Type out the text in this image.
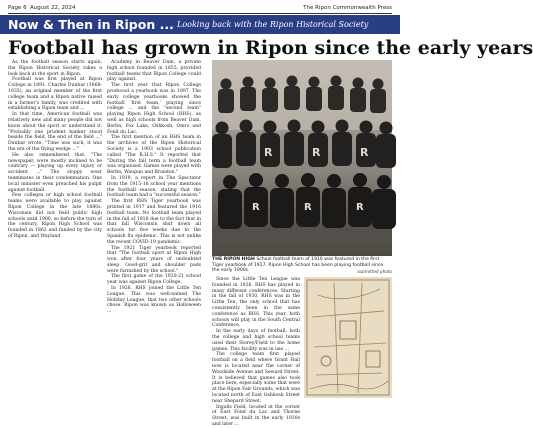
Page 6 August 22, 2024	The Ripon Commonwealth Press
Now & Then in Ripon ... Looking back with the Ripon Historical Society
Football has grown in Ripon since the early years

As the football season starts again, the Ripon Historical Society takes a look back at the sport in Ripon.

Football was first played at Ripon College in 1891. Charles Dunbar (1868-1935), an original member of the first college team and a Ripon native raised in a farmer's family, was credited with establishing a Ripon team and ...

In that time, American football was relatively new and many people did not know about the sport or understand it. "Probably one prudent banker stood beside the field, the end of the field ..." Dunbar wrote. "Time was such, it was the era of the flying wedge ..."

He also remembered that, "The newspaper, were mostly inclined to be contrary — playing up every injury or accident ..." The sloppy wear teammates in their condemnation. One local minister even preached his pulpit against football.

Few colleges or high school football teams were available to play against Ripon College in the late 1880s. Wisconsin did not field public high schools until 1900, so before the turn of the century, Ripon High School was founded in 1862 and funded by the city of Ripon, and Wayland

Academy in Beaver Dam, a private high school founded in 1855, provided football teams that Ripon College could play against.

The first year that Ripon College produced a yearbook was in 1897. The early college yearbooks showed the football 'first team,' playing since college ... and the "second team" playing Ripon High School (RHS), as well as high schools from Beaver Dam, Berlin, Fox Lake, Oshkosh, Omro and Fond du Lac.

The first mention of an RHS team in the archives of the Ripon Historical Society is a 1903 school publication called "The R.H.S." It reported that "During the fall term a football team was organized. Games were played with Berlin, Waupun and Brandon."

In 1919, a report in The Spectator from the 1915-16 school year mentions the football season, stating that the football team had a "successful season."

The first RHS Tiger yearbook was printed in 1917 and featured the 1916 football team. No football team played in the fall of 1918 due to the fact that in that fall Wisconsin shut down all schools for five weeks due to the Spanish flu epidemic. This is not unlike the recent COVID-19 pandemic.

The 1921 Tiger yearbook reported that "The football sport at Ripon High won after four years of undoubted sleep. Good-grit and shoulder pads were furnished by the school."

The first game of the 1920-21 school year was against Ripon College.

In 1926, RHS joined the Little Ten League. This was well-named The Holiday League, that two other schools chose. Ripon was known as Halloween ...

R	R	R
R	R	R
THE RIPON HIGH School football team of 1916 was featured in the first Tiger yearbook of 1917. Ripon High School has been playing football since the early 1900s.	submitted photo

Since the Little Ten League was founded in 1926, RHS has played in many different conferences. Starting in the fall of 1930, RHS was in the Little Ten, the only school that has consistently been in the same conference as RHS. This year, both schools will play in the South Central Conference.

In the early days of football, both the college and high school teams used their Storey/Field to the home games. This facility was in use ...

The college team first played football on a field where Grant Hall now is located near the corner of Woodside Avenue and Seward Street. It is believed that games also took place here, especially some that were at the Ripon Fair Grounds, which was located north of East Oshkosh Street near Shepard Street.

Ingalls Field, located at the corner of East Fond du Lac and Thorne Street, was built in the early 1930s and later ...
